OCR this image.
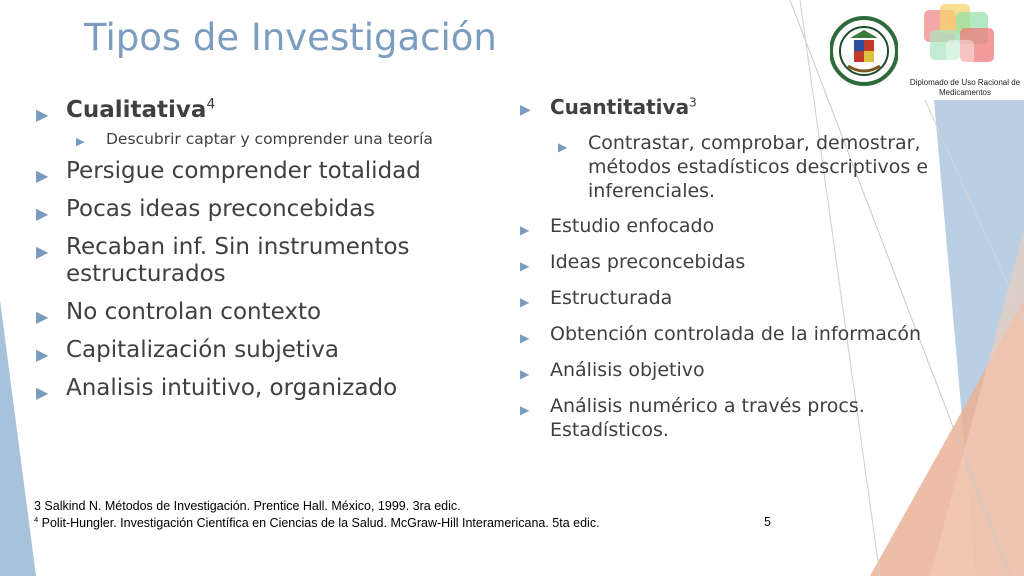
Tipos de Investigación
Diplomado de Uso Racional de Medicamentos
▶ Cualitativa$^4$
▶ Descubrir captar y comprender una teoría
▶ Persigue comprender totalidad
▶ Pocas ideas preconcebidas
▶ Recaban inf. Sin instrumentos estructurados
▶ No controlan contexto
▶ Capitalización subjetiva
▶ Analisis intuitivo, organizado
▶ Cuantitativa$^3$
▶ Contrastar, comprobar, demostrar, métodos estadísticos descriptivos e inferenciales.
▶ Estudio enfocado
▶ Ideas preconcebidas
▶ Estructurada
▶ Obtención controlada de la informacón
▶ Análisis objetivo
▶ Análisis numérico a través procs. Estadísticos.
3 Salkind N. Métodos de Investigación. Prentice Hall. México, 1999. 3ra edic.
$^4$ Polit-Hungler. Investigación Científica en Ciencias de la Salud. McGraw-Hill Interamericana. 5ta edic.	5
